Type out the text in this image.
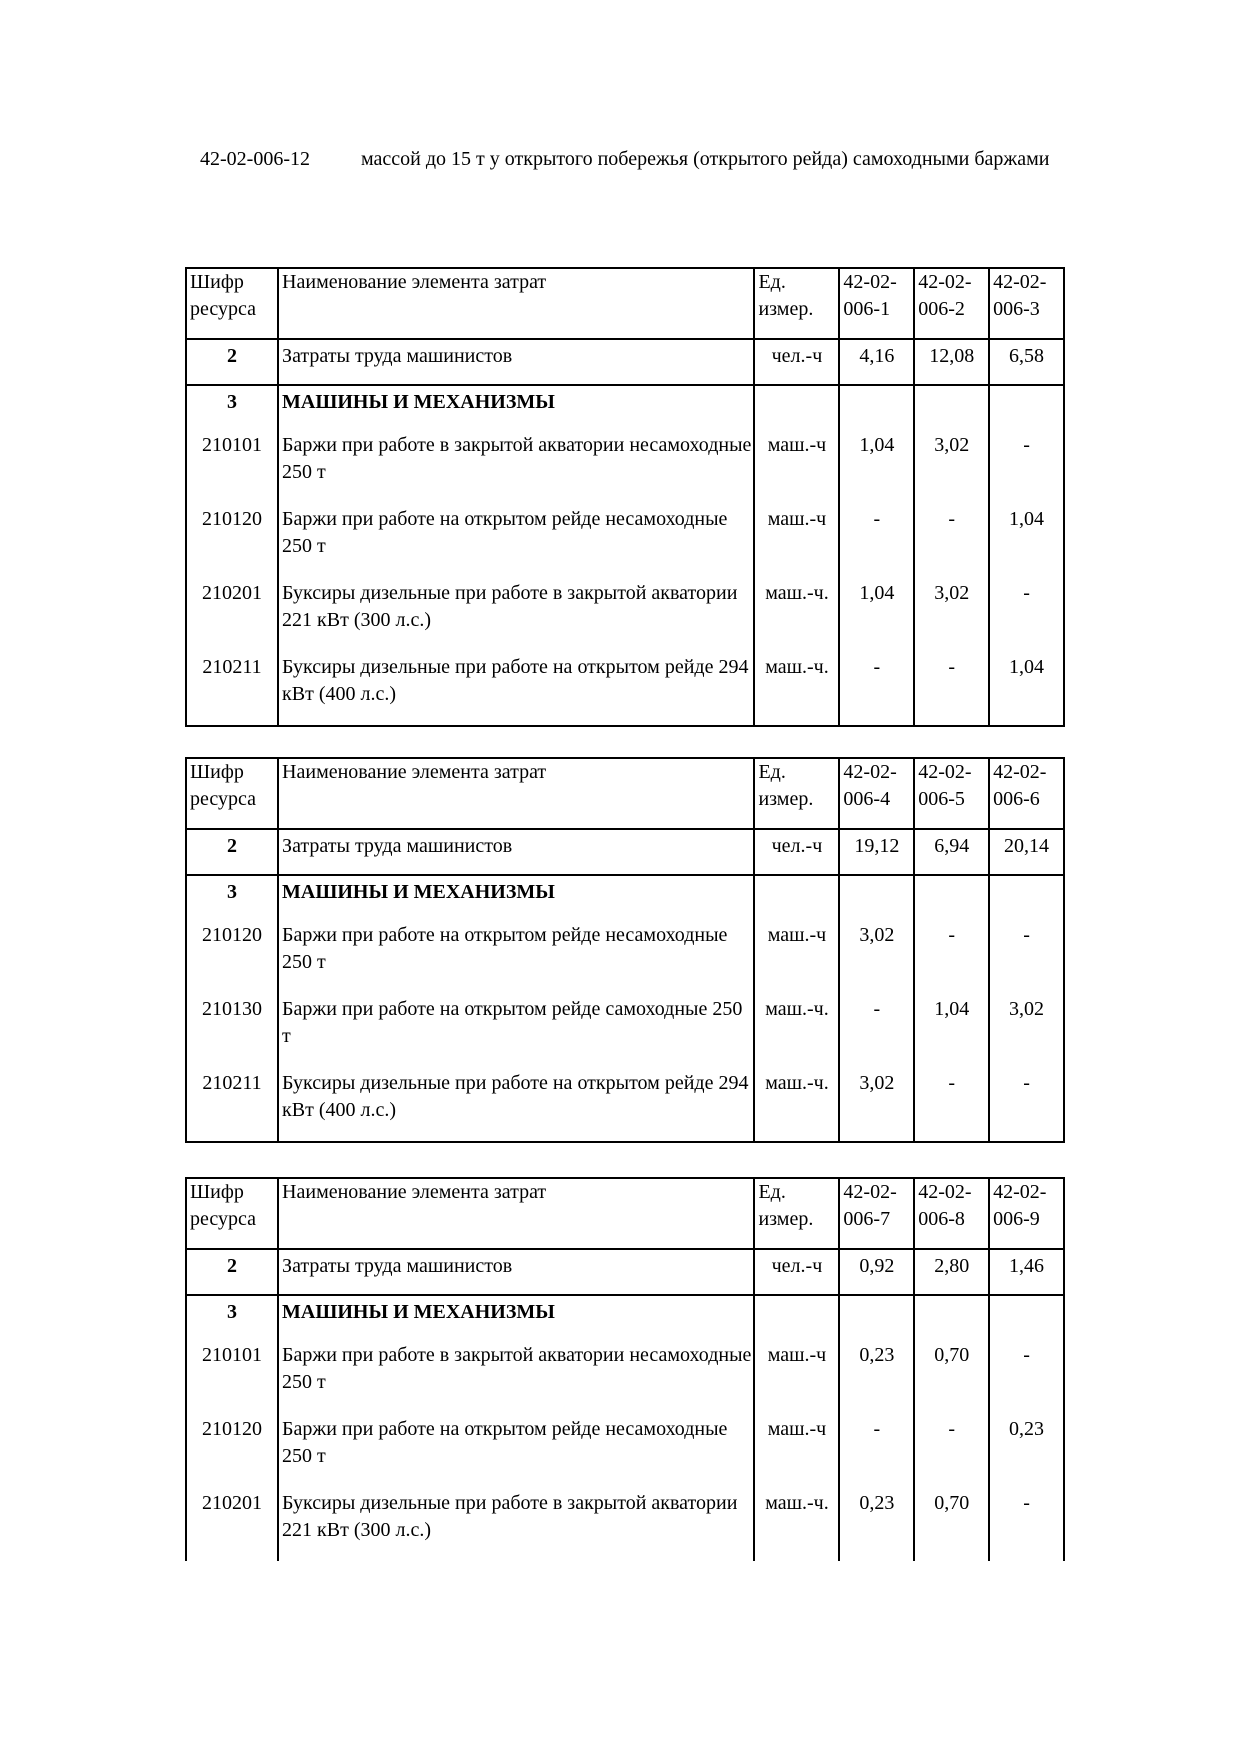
42-02-006-12	массой до 15 т у открытого побережья (открытого рейда) самоходными баржами
Шифр ресурса	Наименование элемента затрат	Ед. измер.	42-02-006-1	42-02-006-2	42-02-006-3
2	Затраты труда машинистов	чел.-ч	4,16	12,08	6,58
3	МАШИНЫ И МЕХАНИЗМЫ				
210101	Баржи при работе в закрытой акватории несамоходные 250 т	маш.-ч	1,04	3,02	-
210120	Баржи при работе на открытом рейде несамоходные 250 т	маш.-ч	-	-	1,04
210201	Буксиры дизельные при работе в закрытой акватории 221 кВт (300 л.с.)	маш.-ч.	1,04	3,02	-
210211	Буксиры дизельные при работе на открытом рейде 294 кВт (400 л.с.)	маш.-ч.	-	-	1,04
Шифр ресурса	Наименование элемента затрат	Ед. измер.	42-02-006-4	42-02-006-5	42-02-006-6
2	Затраты труда машинистов	чел.-ч	19,12	6,94	20,14
3	МАШИНЫ И МЕХАНИЗМЫ				
210120	Баржи при работе на открытом рейде несамоходные 250 т	маш.-ч	3,02	-	-
210130	Баржи при работе на открытом рейде самоходные 250 т	маш.-ч.	-	1,04	3,02
210211	Буксиры дизельные при работе на открытом рейде 294 кВт (400 л.с.)	маш.-ч.	3,02	-	-
Шифр ресурса	Наименование элемента затрат	Ед. измер.	42-02-006-7	42-02-006-8	42-02-006-9
2	Затраты труда машинистов	чел.-ч	0,92	2,80	1,46
3	МАШИНЫ И МЕХАНИЗМЫ				
210101	Баржи при работе в закрытой акватории несамоходные 250 т	маш.-ч	0,23	0,70	-
210120	Баржи при работе на открытом рейде несамоходные 250 т	маш.-ч	-	-	0,23
210201	Буксиры дизельные при работе в закрытой акватории 221 кВт (300 л.с.)	маш.-ч.	0,23	0,70	-
